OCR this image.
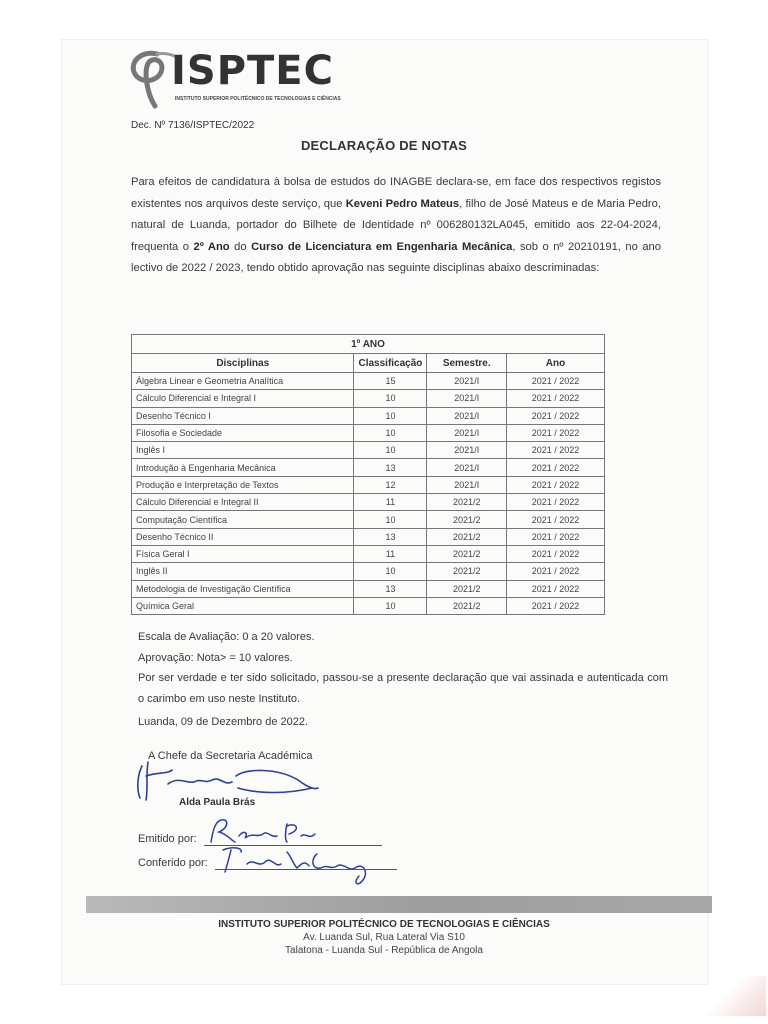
ISPTEC
INSTITUTO SUPERIOR POLITÉCNICO DE TECNOLOGIAS E CIÊNCIAS
Dec. Nº 7136/ISPTEC/2022
DECLARAÇÃO DE NOTAS
Para efeitos de candidatura à bolsa de estudos do INAGBE declara-se, em face dos respectivos registos existentes nos arquivos deste serviço, que Keveni Pedro Mateus, filho de José Mateus e de Maria Pedro, natural de Luanda, portador do Bilhete de Identidade nº 006280132LA045, emitido aos 22-04-2024, frequenta o 2º Ano do Curso de Licenciatura em Engenharia Mecânica, sob o nº 20210191, no ano lectivo de 2022 / 2023, tendo obtido aprovação nas seguinte disciplinas abaixo descriminadas:
1º ANO			
Disciplinas	Classificação	Semestre.	Ano
Álgebra Linear e Geometria Analítica	15	2021/I	2021 / 2022
Cálculo Diferencial e Integral I	10	2021/I	2021 / 2022
Desenho Técnico I	10	2021/I	2021 / 2022
Filosofia e Sociedade	10	2021/I	2021 / 2022
Inglês I	10	2021/I	2021 / 2022
Introdução à Engenharia Mecânica	13	2021/I	2021 / 2022
Produção e Interpretação de Textos	12	2021/I	2021 / 2022
Cálculo Diferencial e Integral II	11	2021/2	2021 / 2022
Computação Científica	10	2021/2	2021 / 2022
Desenho Técnico II	13	2021/2	2021 / 2022
Física Geral I	11	2021/2	2021 / 2022
Inglês II	10	2021/2	2021 / 2022
Metodologia de Investigação Científica	13	2021/2	2021 / 2022
Química Geral	10	2021/2	2021 / 2022

Escala de Avaliação: 0 a 20 valores.

Aprovação: Nota> = 10 valores.

Por ser verdade e ter sido solicitado, passou-se a presente declaração que vai assinada e autenticada com o carimbo em uso neste Instituto.

Luanda, 09 de Dezembro de 2022.
A Chefe da Secretaria Académica
Alda Paula Brás
Emitido por:
Conferido por:
INSTITUTO SUPERIOR POLITÉCNICO DE TECNOLOGIAS E CIÊNCIAS
Av. Luanda Sul, Rua Lateral Via S10
Talatona - Luanda Sul - República de Angola
